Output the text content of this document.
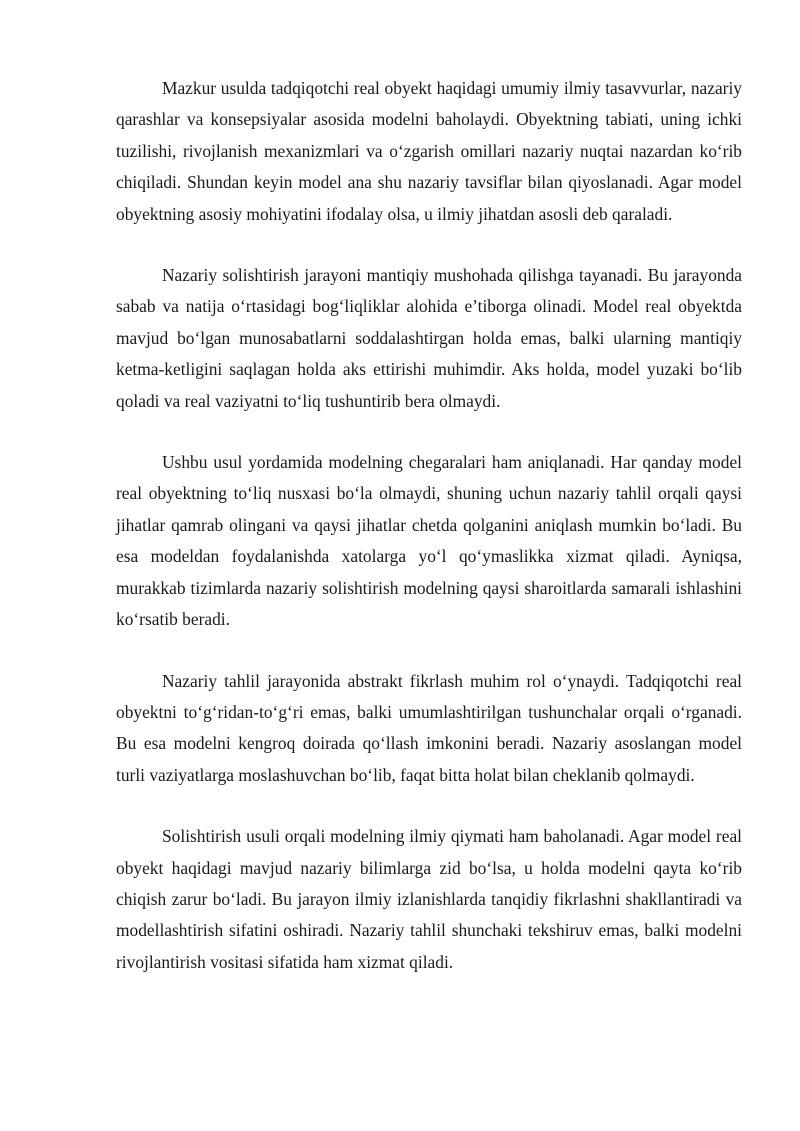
Mazkur usulda tadqiqotchi real obyekt haqidagi umumiy ilmiy tasavvurlar, nazariy qarashlar va konsepsiyalar asosida modelni baholaydi. Obyektning tabiati, uning ichki tuzilishi, rivojlanish mexanizmlari va o‘zgarish omillari nazariy nuqtai nazardan ko‘rib chiqiladi. Shundan keyin model ana shu nazariy tavsiflar bilan qiyoslanadi. Agar model obyektning asosiy mohiyatini ifodalay olsa, u ilmiy jihatdan asosli deb qaraladi.

Nazariy solishtirish jarayoni mantiqiy mushohada qilishga tayanadi. Bu jarayonda sabab va natija o‘rtasidagi bog‘liqliklar alohida e’tiborga olinadi. Model real obyektda mavjud bo‘lgan munosabatlarni soddalashtirgan holda emas, balki ularning mantiqiy ketma-ketligini saqlagan holda aks ettirishi muhimdir. Aks holda, model yuzaki bo‘lib qoladi va real vaziyatni to‘liq tushuntirib bera olmaydi.

Ushbu usul yordamida modelning chegaralari ham aniqlanadi. Har qanday model real obyektning to‘liq nusxasi bo‘la olmaydi, shuning uchun nazariy tahlil orqali qaysi jihatlar qamrab olingani va qaysi jihatlar chetda qolganini aniqlash mumkin bo‘ladi. Bu esa modeldan foydalanishda xatolarga yo‘l qo‘ymaslikka xizmat qiladi. Ayniqsa, murakkab tizimlarda nazariy solishtirish modelning qaysi sharoitlarda samarali ishlashini ko‘rsatib beradi.

Nazariy tahlil jarayonida abstrakt fikrlash muhim rol o‘ynaydi. Tadqiqotchi real obyektni to‘g‘ridan-to‘g‘ri emas, balki umumlashtirilgan tushunchalar orqali o‘rganadi. Bu esa modelni kengroq doirada qo‘llash imkonini beradi. Nazariy asoslangan model turli vaziyatlarga moslashuvchan bo‘lib, faqat bitta holat bilan cheklanib qolmaydi.

Solishtirish usuli orqali modelning ilmiy qiymati ham baholanadi. Agar model real obyekt haqidagi mavjud nazariy bilimlarga zid bo‘lsa, u holda modelni qayta ko‘rib chiqish zarur bo‘ladi. Bu jarayon ilmiy izlanishlarda tanqidiy fikrlashni shakllantiradi va modellashtirish sifatini oshiradi. Nazariy tahlil shunchaki tekshiruv emas, balki modelni rivojlantirish vositasi sifatida ham xizmat qiladi.
